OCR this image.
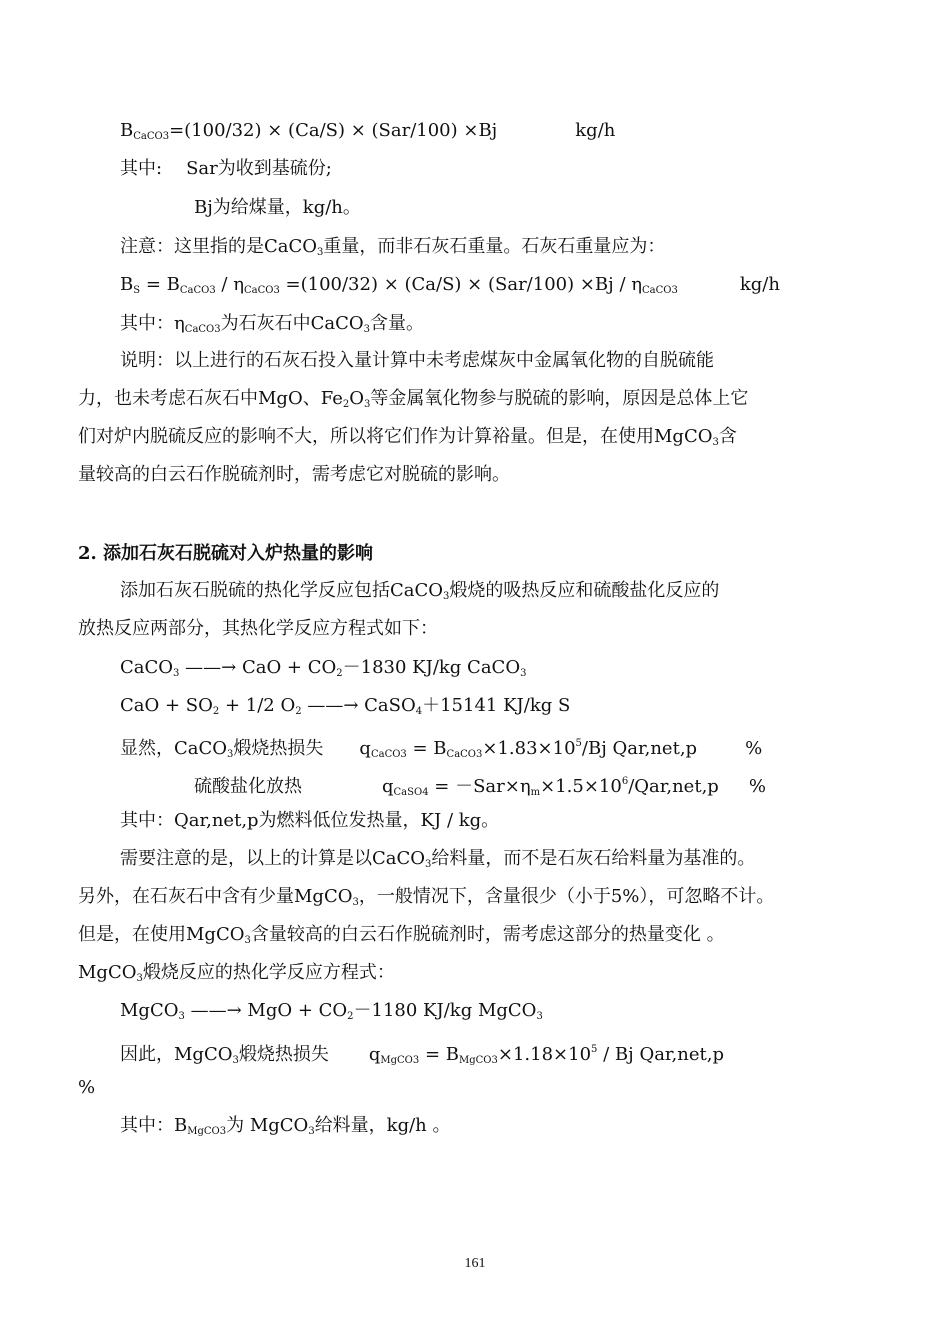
$B_{CaCO3}=(100/32) \times (Ca/S) \times (Sar/100) \times Bj$	kg/h
其中: Sar为收到基硫份;
Bj为给煤量，kg/h。
注意：这里指的是CaCO$_3$重量，而非石灰石重量。石灰石重量应为：
$B_S = B_{CaCO3} / \eta_{CaCO3} =(100/32) \times (Ca/S) \times (Sar/100) \times Bj / \eta_{CaCO3}$	kg/h
其中：$\eta_{CaCO3}$为石灰石中CaCO$_3$含量。
说明：以上进行的石灰石投入量计算中未考虑煤灰中金属氧化物的自脱硫能
力，也未考虑石灰石中MgO、$Fe_2O_3$等金属氧化物参与脱硫的影响，原因是总体上它
们对炉内脱硫反应的影响不大，所以将它们作为计算裕量。但是，在使用MgCO$_3$含
量较高的白云石作脱硫剂时，需考虑它对脱硫的影响。
2. 添加石灰石脱硫对入炉热量的影响
添加石灰石脱硫的热化学反应包括CaCO$_3$煅烧的吸热反应和硫酸盐化反应的
放热反应两部分，其热化学反应方程式如下：
CaCO$_3$ ——→ CaO + $CO_2-1830$ KJ/kg CaCO$_3$
CaO + $SO_2 + 1/2$ $O_2$ ——→ CaSO$_4$＋15141 KJ/kg S
显然，CaCO$_3$煅烧热损失 $q_{CaCO3} = B_{CaCO3}\times 1.83\times 10^5/Bj$ Qar,net,p	%
硫酸盐化放热	$q_{CaSO4} = -Sar\times\eta_m\times 1.5\times 10^6/Qar,net,p$ %
其中：Qar,net,p为燃料低位发热量，KJ / kg。
需要注意的是，以上的计算是以CaCO$_3$给料量，而不是石灰石给料量为基准的。
另外，在石灰石中含有少量MgCO$_3$，一般情况下，含量很少（小于5%），可忽略不计。
但是，在使用MgCO$_3$含量较高的白云石作脱硫剂时，需考虑这部分的热量变化 。
MgCO$_3$煅烧反应的热化学反应方程式：
MgCO$_3$ ——→ MgO + $CO_2-1180$ KJ/kg MgCO$_3$
因此，MgCO$_3$煅烧热损失 $q_{MgCO3} = B_{MgCO3}\times 1.18\times 10^5 / Bj$ Qar,net,p
%
其中：$B_{MgCO3}$为 MgCO$_3$给料量，kg/h 。
161
